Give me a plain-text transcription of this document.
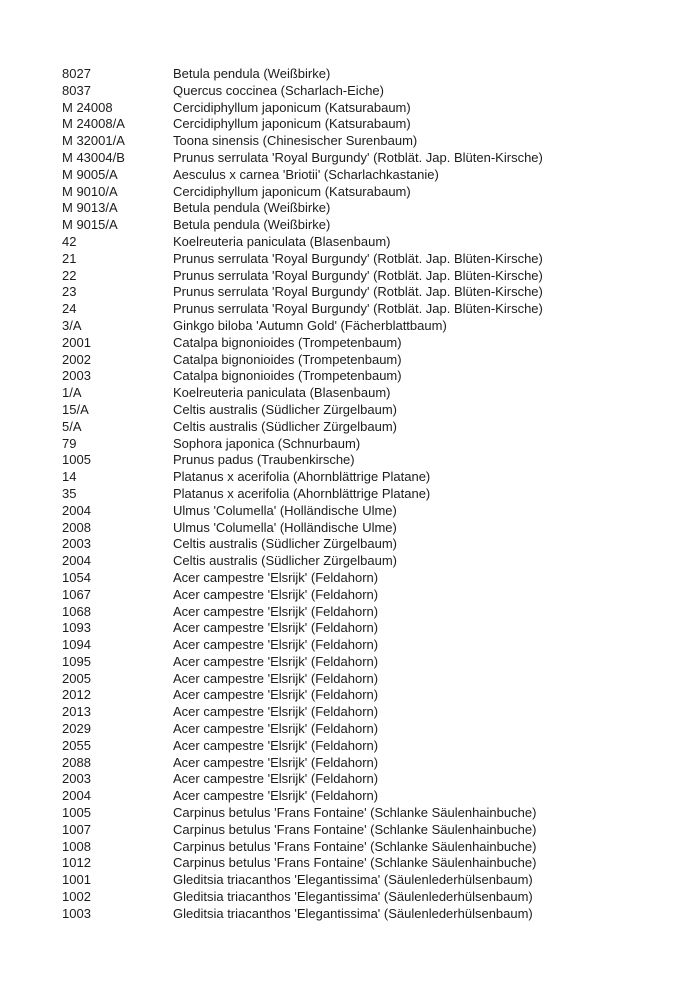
8027	Betula pendula (Weißbirke)
8037	Quercus coccinea (Scharlach-Eiche)
M 24008	Cercidiphyllum japonicum (Katsurabaum)
M 24008/A	Cercidiphyllum japonicum (Katsurabaum)
M 32001/A	Toona sinensis (Chinesischer Surenbaum)
M 43004/B	Prunus serrulata 'Royal Burgundy' (Rotblät. Jap. Blüten-Kirsche)
M 9005/A	Aesculus x carnea 'Briotii' (Scharlachkastanie)
M 9010/A	Cercidiphyllum japonicum (Katsurabaum)
M 9013/A	Betula pendula (Weißbirke)
M 9015/A	Betula pendula (Weißbirke)
42	Koelreuteria paniculata (Blasenbaum)
21	Prunus serrulata 'Royal Burgundy' (Rotblät. Jap. Blüten-Kirsche)
22	Prunus serrulata 'Royal Burgundy' (Rotblät. Jap. Blüten-Kirsche)
23	Prunus serrulata 'Royal Burgundy' (Rotblät. Jap. Blüten-Kirsche)
24	Prunus serrulata 'Royal Burgundy' (Rotblät. Jap. Blüten-Kirsche)
3/A	Ginkgo biloba 'Autumn Gold' (Fächerblattbaum)
2001	Catalpa bignonioides (Trompetenbaum)
2002	Catalpa bignonioides (Trompetenbaum)
2003	Catalpa bignonioides (Trompetenbaum)
1/A	Koelreuteria paniculata (Blasenbaum)
15/A	Celtis australis (Südlicher Zürgelbaum)
5/A	Celtis australis (Südlicher Zürgelbaum)
79	Sophora japonica (Schnurbaum)
1005	Prunus padus (Traubenkirsche)
14	Platanus x acerifolia (Ahornblättrige Platane)
35	Platanus x acerifolia (Ahornblättrige Platane)
2004	Ulmus 'Columella' (Holländische Ulme)
2008	Ulmus 'Columella' (Holländische Ulme)
2003	Celtis australis (Südlicher Zürgelbaum)
2004	Celtis australis (Südlicher Zürgelbaum)
1054	Acer campestre 'Elsrijk' (Feldahorn)
1067	Acer campestre 'Elsrijk' (Feldahorn)
1068	Acer campestre 'Elsrijk' (Feldahorn)
1093	Acer campestre 'Elsrijk' (Feldahorn)
1094	Acer campestre 'Elsrijk' (Feldahorn)
1095	Acer campestre 'Elsrijk' (Feldahorn)
2005	Acer campestre 'Elsrijk' (Feldahorn)
2012	Acer campestre 'Elsrijk' (Feldahorn)
2013	Acer campestre 'Elsrijk' (Feldahorn)
2029	Acer campestre 'Elsrijk' (Feldahorn)
2055	Acer campestre 'Elsrijk' (Feldahorn)
2088	Acer campestre 'Elsrijk' (Feldahorn)
2003	Acer campestre 'Elsrijk' (Feldahorn)
2004	Acer campestre 'Elsrijk' (Feldahorn)
1005	Carpinus betulus 'Frans Fontaine' (Schlanke Säulenhainbuche)
1007	Carpinus betulus 'Frans Fontaine' (Schlanke Säulenhainbuche)
1008	Carpinus betulus 'Frans Fontaine' (Schlanke Säulenhainbuche)
1012	Carpinus betulus 'Frans Fontaine' (Schlanke Säulenhainbuche)
1001	Gleditsia triacanthos 'Elegantissima' (Säulenlederhülsenbaum)
1002	Gleditsia triacanthos 'Elegantissima' (Säulenlederhülsenbaum)
1003	Gleditsia triacanthos 'Elegantissima' (Säulenlederhülsenbaum)
